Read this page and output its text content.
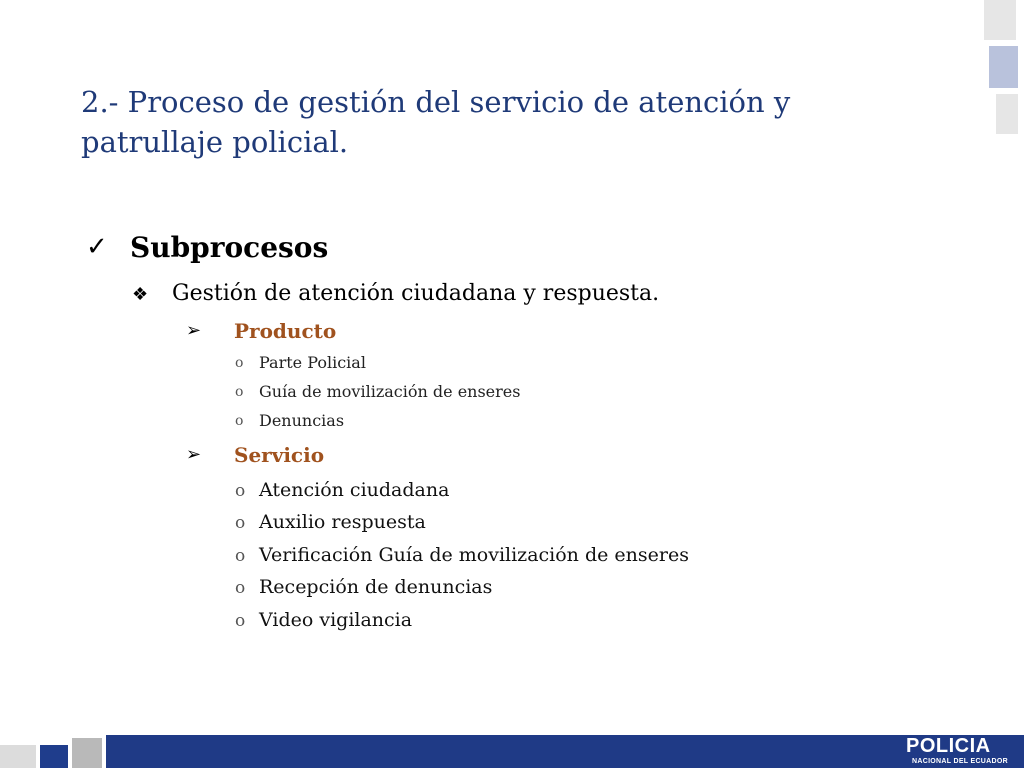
2.- Proceso de gestión del servicio de atención y patrullaje policial.
✓ Subprocesos
❖ Gestión de atención ciudadana y respuesta.
➢ Producto
o Parte Policial
o Guía de movilización de enseres
o Denuncias
➢ Servicio
o Atención ciudadana
o Auxilio respuesta
o Verificación Guía de movilización de enseres
o Recepción de denuncias
o Video vigilancia
POLICIA
NACIONAL DEL ECUADOR
